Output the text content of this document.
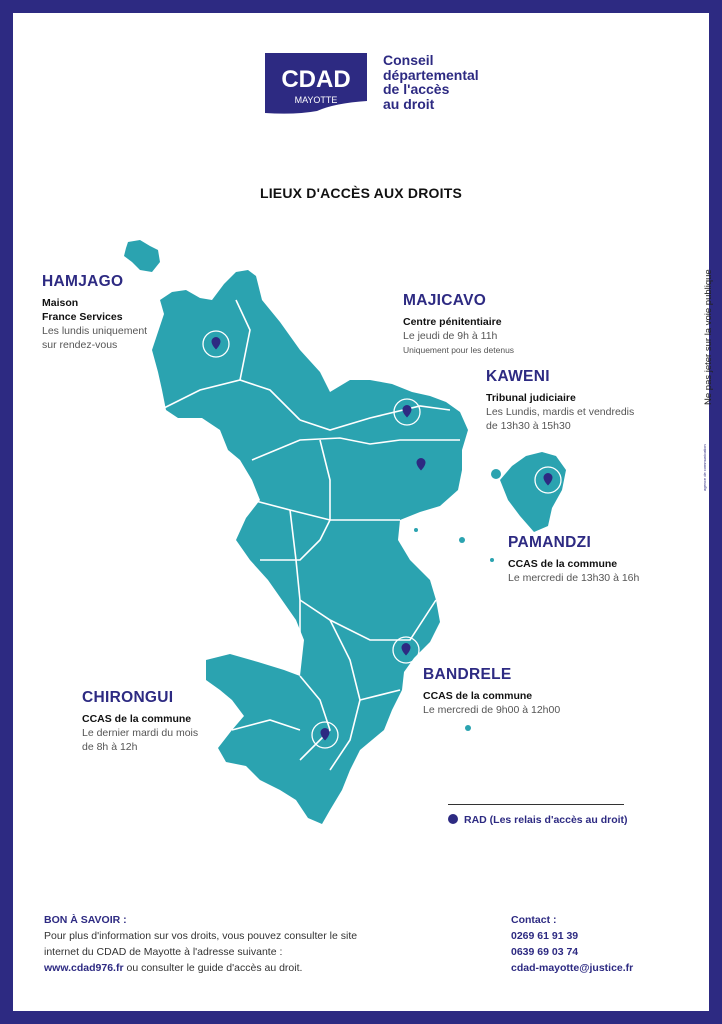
CDAD
MAYOTTE
Conseil
départemental
de l'accès
au droit
LIEUX D'ACCÈS AUX DROITS
Ne pas jeter sur la voie publique
agence de communication
HAMJAGO
Maison
France Services
Les lundis uniquement
sur rendez-vous
MAJICAVO
Centre pénitentiaire
Le jeudi de 9h à 11h
Uniquement pour les detenus
KAWENI
Tribunal judiciaire
Les Lundis, mardis et vendredis
de 13h30 à 15h30
PAMANDZI
CCAS de la commune
Le mercredi de 13h30 à 16h
BANDRELE
CCAS de la commune
Le mercredi de 9h00 à 12h00
CHIRONGUI
CCAS de la commune
Le dernier mardi du mois
de 8h à 12h
RAD (Les relais d'accès au droit)
BON À SAVOIR :
Pour plus d'information sur vos droits, vous pouvez consulter le site
internet du CDAD de Mayotte à l'adresse suivante :
www.cdad976.fr ou consulter le guide d'accès au droit.
Contact :
0269 61 91 39
0639 69 03 74
cdad-mayotte@justice.fr
